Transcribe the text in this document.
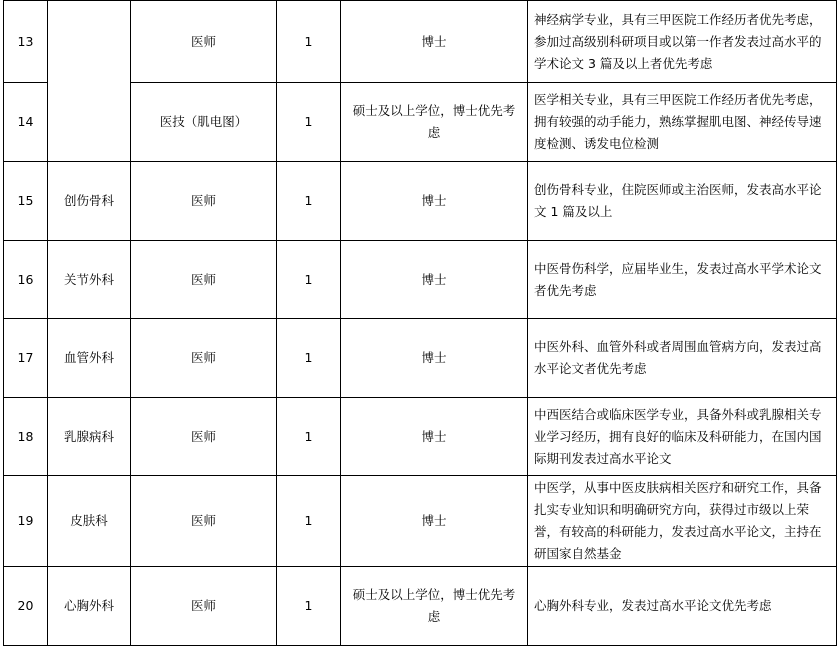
13		医师	1	博士	神经病学专业，具有三甲医院工作经历者优先考虑，参加过高级别科研项目或以第一作者发表过高水平的学术论文 3 篇及以上者优先考虑
14		医技（肌电图）	1	硕士及以上学位，博士优先考虑	医学相关专业，具有三甲医院工作经历者优先考虑，拥有较强的动手能力，熟练掌握肌电图、神经传导速度检测、诱发电位检测
15	创伤骨科	医师	1	博士	创伤骨科专业，住院医师或主治医师，发表高水平论文 1 篇及以上
16	关节外科	医师	1	博士	中医骨伤科学，应届毕业生，发表过高水平学术论文者优先考虑
17	血管外科	医师	1	博士	中医外科、血管外科或者周围血管病方向，发表过高水平论文者优先考虑
18	乳腺病科	医师	1	博士	中西医结合或临床医学专业，具备外科或乳腺相关专业学习经历，拥有良好的临床及科研能力，在国内国际期刊发表过高水平论文
19	皮肤科	医师	1	博士	中医学，从事中医皮肤病相关医疗和研究工作，具备扎实专业知识和明确研究方向，获得过市级以上荣誉，有较高的科研能力，发表过高水平论文，主持在研国家自然基金
20	心胸外科	医师	1	硕士及以上学位，博士优先考虑	心胸外科专业，发表过高水平论文优先考虑
